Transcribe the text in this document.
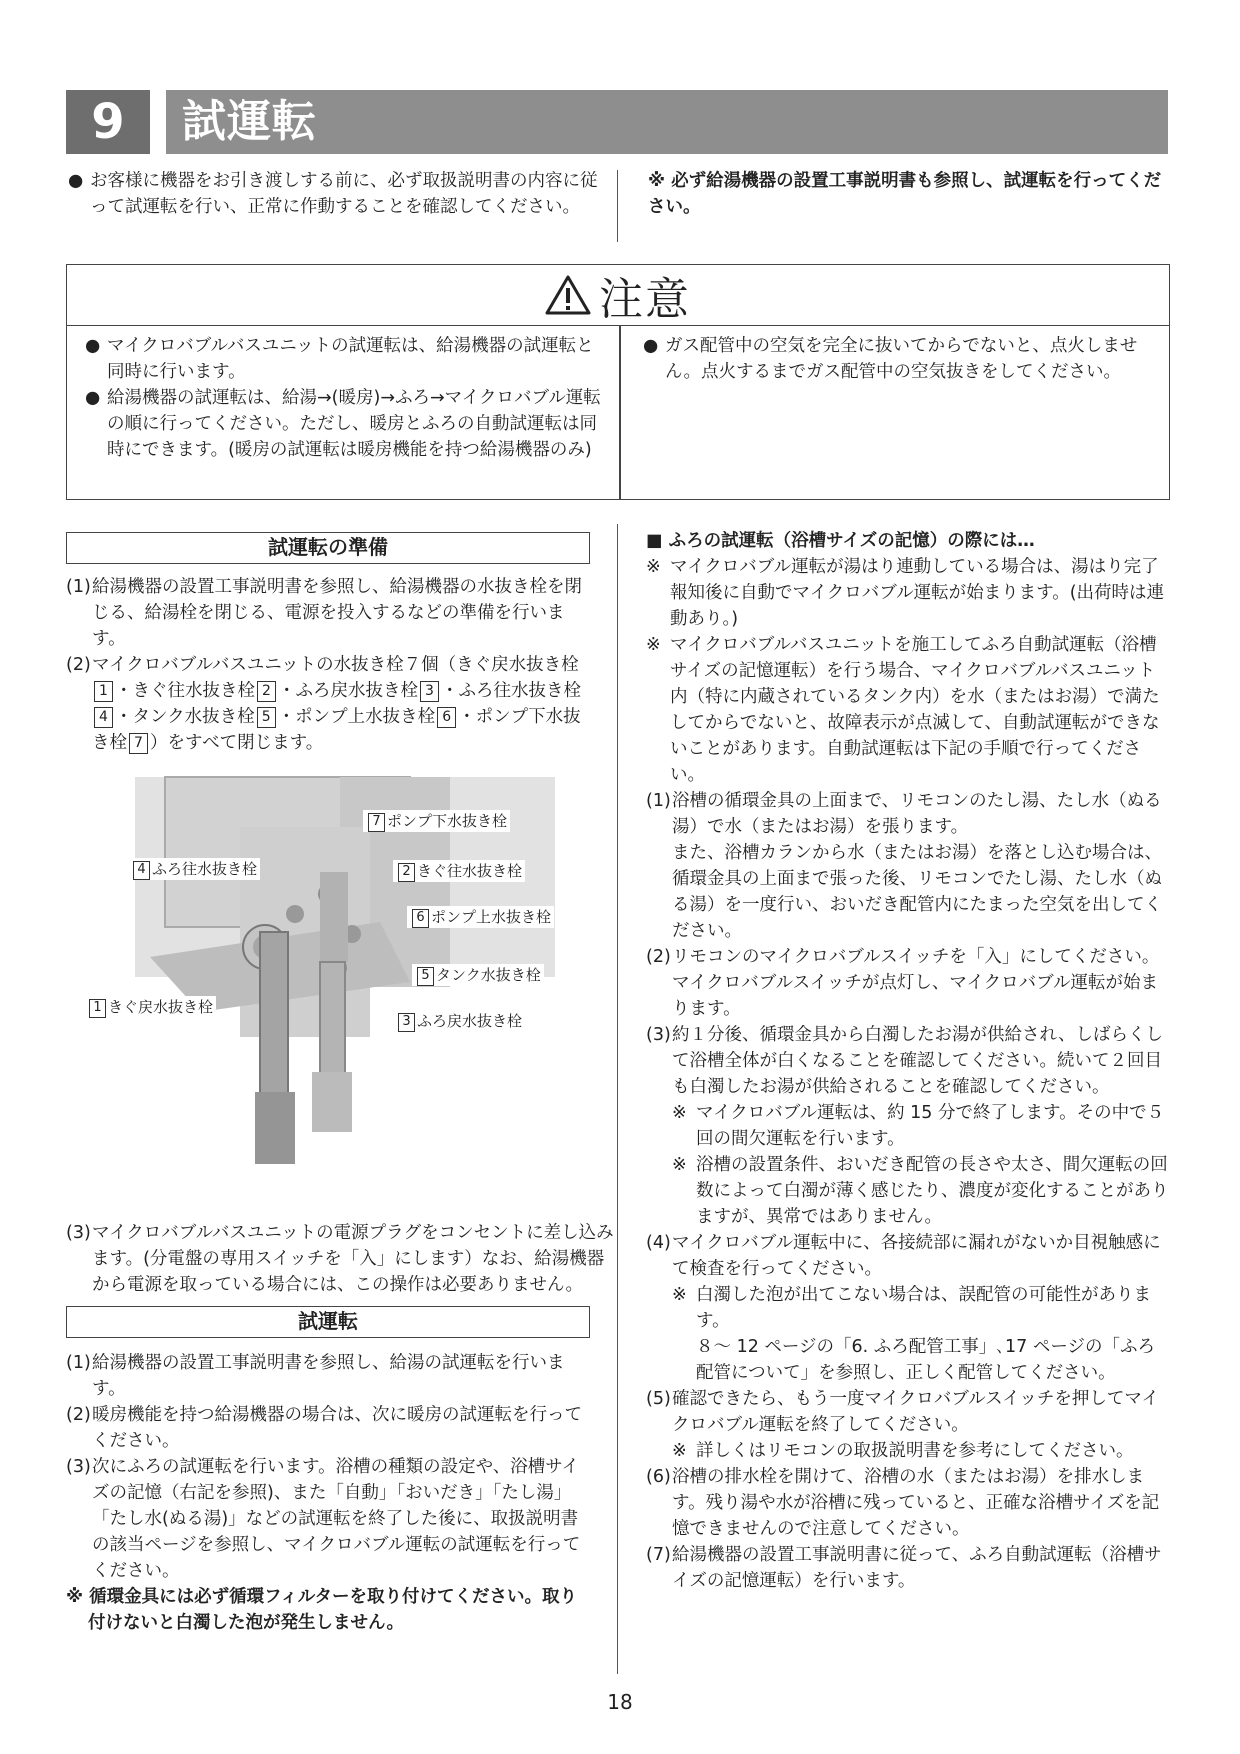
9	試運転
● お客様に機器をお引き渡しする前に、必ず取扱説明書の内容に従って試運転を行い、正常に作動することを確認してください。
※ 必ず給湯機器の設置工事説明書も参照し、試運転を行ってください。
注意
● マイクロバブルバスユニットの試運転は、給湯機器の試運転と同時に行います。
● 給湯機器の試運転は、給湯→(暖房)→ふろ→マイクロバブル運転の順に行ってください。ただし、暖房とふろの自動試運転は同時にできます。(暖房の試運転は暖房機能を持つ給湯機器のみ)
● ガス配管中の空気を完全に抜いてからでないと、点火しません。点火するまでガス配管中の空気抜きをしてください。
試運転の準備
(1) 給湯機器の設置工事説明書を参照し、給湯機器の水抜き栓を閉じる、給湯栓を閉じる、電源を投入するなどの準備を行います。
(2) マイクロバブルバスユニットの水抜き栓７個（きぐ戻水抜き栓1 ・きぐ往水抜き栓 2 ・ふろ戻水抜き栓 3 ・ふろ往水抜き栓4 ・タンク水抜き栓 5 ・ポンプ上水抜き栓 6 ・ポンプ下水抜き栓 7 ）をすべて閉じます。
7 ポンプ下水抜き栓
4 ふろ往水抜き栓	2 きぐ往水抜き栓
6 ポンプ上水抜き栓
5 タンク水抜き栓
1 きぐ戻水抜き栓
3 ふろ戻水抜き栓
(3) マイクロバブルバスユニットの電源プラグをコンセントに差し込みます。(分電盤の専用スイッチを「入」にします）なお、給湯機器から電源を取っている場合には、この操作は必要ありません。
試運転
(1) 給湯機器の設置工事説明書を参照し、給湯の試運転を行います。
(2) 暖房機能を持つ給湯機器の場合は、次に暖房の試運転を行ってください。
(3) 次にふろの試運転を行います。浴槽の種類の設定や、浴槽サイズの記憶（右記を参照)、また「自動」「おいだき」「たし湯」「たし水(ぬる湯)」などの試運転を終了した後に、取扱説明書の該当ページを参照し、マイクロバブル運転の試運転を行ってください。
※ 循環金具には必ず循環フィルターを取り付けてください。取り付けないと白濁した泡が発生しません。
■ ふろの試運転（浴槽サイズの記憶）の際には…
※ マイクロバブル運転が湯はり連動している場合は、湯はり完了報知後に自動でマイクロバブル運転が始まります。(出荷時は連動あり。)
※ マイクロバブルバスユニットを施工してふろ自動試運転（浴槽サイズの記憶運転）を行う場合、マイクロバブルバスユニット内（特に内蔵されているタンク内）を水（またはお湯）で満たしてからでないと、故障表示が点滅して、自動試運転ができないことがあります。自動試運転は下記の手順で行ってください。
(1) 浴槽の循環金具の上面まで、リモコンのたし湯、たし水（ぬる湯）で水（またはお湯）を張ります。
また、浴槽カランから水（またはお湯）を落とし込む場合は、循環金具の上面まで張った後、リモコンでたし湯、たし水（ぬる湯）を一度行い、おいだき配管内にたまった空気を出してください。
(2) リモコンのマイクロバブルスイッチを「入」にしてください。
マイクロバブルスイッチが点灯し、マイクロバブル運転が始まります。
(3) 約１分後、循環金具から白濁したお湯が供給され、しばらくして浴槽全体が白くなることを確認してください。続いて２回目も白濁したお湯が供給されることを確認してください。
※ マイクロバブル運転は、約 15 分で終了します。その中で５回の間欠運転を行います。
※ 浴槽の設置条件、おいだき配管の長さや太さ、間欠運転の回数によって白濁が薄く感じたり、濃度が変化することがありますが、異常ではありません。
(4) マイクロバブル運転中に、各接続部に漏れがないか目視触感にて検査を行ってください。
※ 白濁した泡が出てこない場合は、誤配管の可能性があります。
８～ 12 ページの「6. ふろ配管工事」､17 ページの「ふろ配管について」を参照し、正しく配管してください。
(5) 確認できたら、もう一度マイクロバブルスイッチを押してマイクロバブル運転を終了してください。
※ 詳しくはリモコンの取扱説明書を参考にしてください。
(6) 浴槽の排水栓を開けて、浴槽の水（またはお湯）を排水します。残り湯や水が浴槽に残っていると、正確な浴槽サイズを記憶できませんので注意してください。
(7) 給湯機器の設置工事説明書に従って、ふろ自動試運転（浴槽サイズの記憶運転）を行います。
18
